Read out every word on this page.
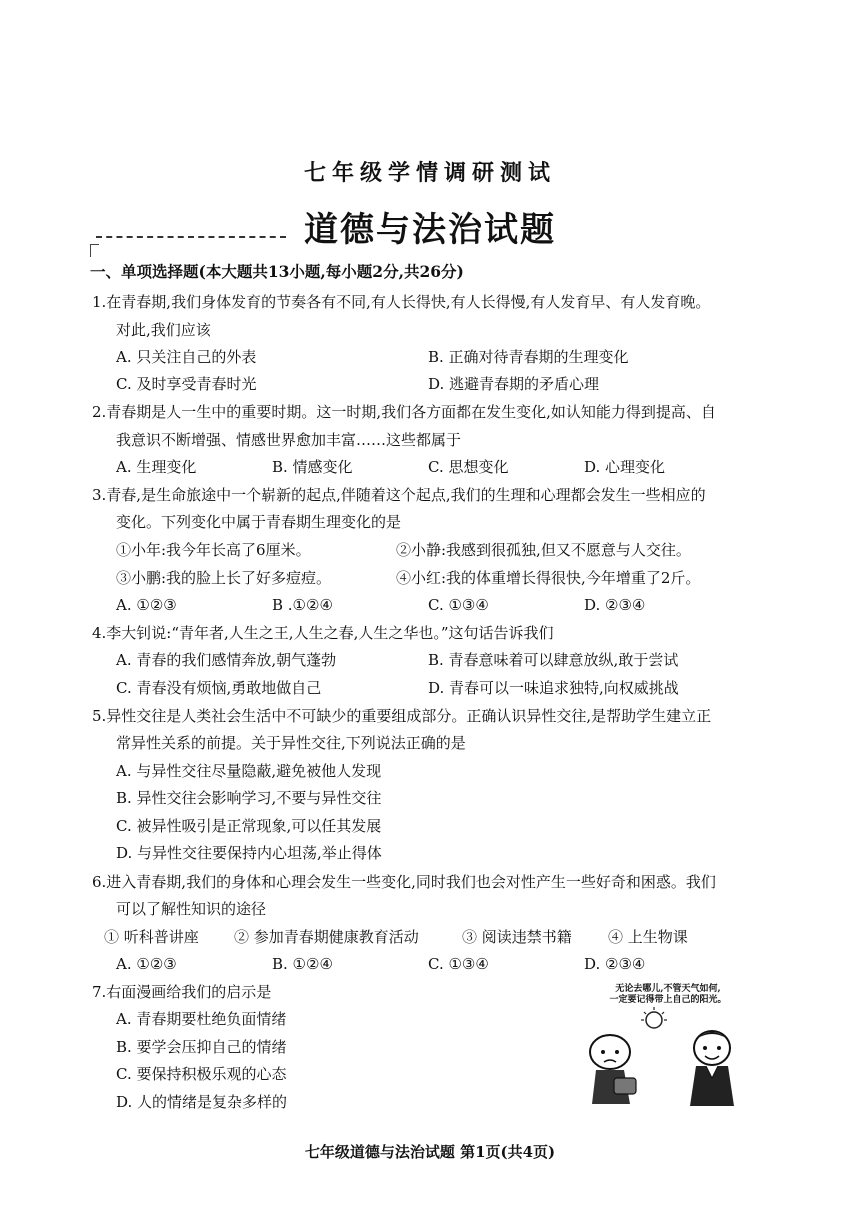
七年级学情调研测试
道德与法治试题
一、单项选择题(本大题共13小题,每小题2分,共26分)
1.在青春期,我们身体发育的节奏各有不同,有人长得快,有人长得慢,有人发育早、有人发育晚。
对此,我们应该
A. 只关注自己的外表	B. 正确对待青春期的生理变化
C. 及时享受青春时光	D. 逃避青春期的矛盾心理
2.青春期是人一生中的重要时期。这一时期,我们各方面都在发生变化,如认知能力得到提高、自
我意识不断增强、情感世界愈加丰富……这些都属于
A. 生理变化	B. 情感变化	C. 思想变化	D. 心理变化
3.青春,是生命旅途中一个崭新的起点,伴随着这个起点,我们的生理和心理都会发生一些相应的
变化。下列变化中属于青春期生理变化的是
①小年:我今年长高了6厘米。	②小静:我感到很孤独,但又不愿意与人交往。
③小鹏:我的脸上长了好多痘痘。	④小红:我的体重增长得很快,今年增重了2斤。
A. ①②③	B .①②④	C. ①③④	D. ②③④
4.李大钊说:“青年者,人生之王,人生之春,人生之华也。”这句话告诉我们
A. 青春的我们感情奔放,朝气蓬勃	B. 青春意味着可以肆意放纵,敢于尝试
C. 青春没有烦恼,勇敢地做自己	D. 青春可以一味追求独特,向权威挑战
5.异性交往是人类社会生活中不可缺少的重要组成部分。正确认识异性交往,是帮助学生建立正
常异性关系的前提。关于异性交往,下列说法正确的是
A. 与异性交往尽量隐蔽,避免被他人发现
B. 异性交往会影响学习,不要与异性交往
C. 被异性吸引是正常现象,可以任其发展
D. 与异性交往要保持内心坦荡,举止得体
6.进入青春期,我们的身体和心理会发生一些变化,同时我们也会对性产生一些好奇和困惑。我们
可以了解性知识的途径
① 听科普讲座 ② 参加青春期健康教育活动	③ 阅读违禁书籍 ④ 上生物课
A. ①②③	B. ①②④	C. ①③④	D. ②③④
7.右面漫画给我们的启示是
A. 青春期要杜绝负面情绪
B. 要学会压抑自己的情绪
C. 要保持积极乐观的心态
D. 人的情绪是复杂多样的
无论去哪儿,不管天气如何,
一定要记得带上自己的阳光。
七年级道德与法治试题 第1页(共4页)
